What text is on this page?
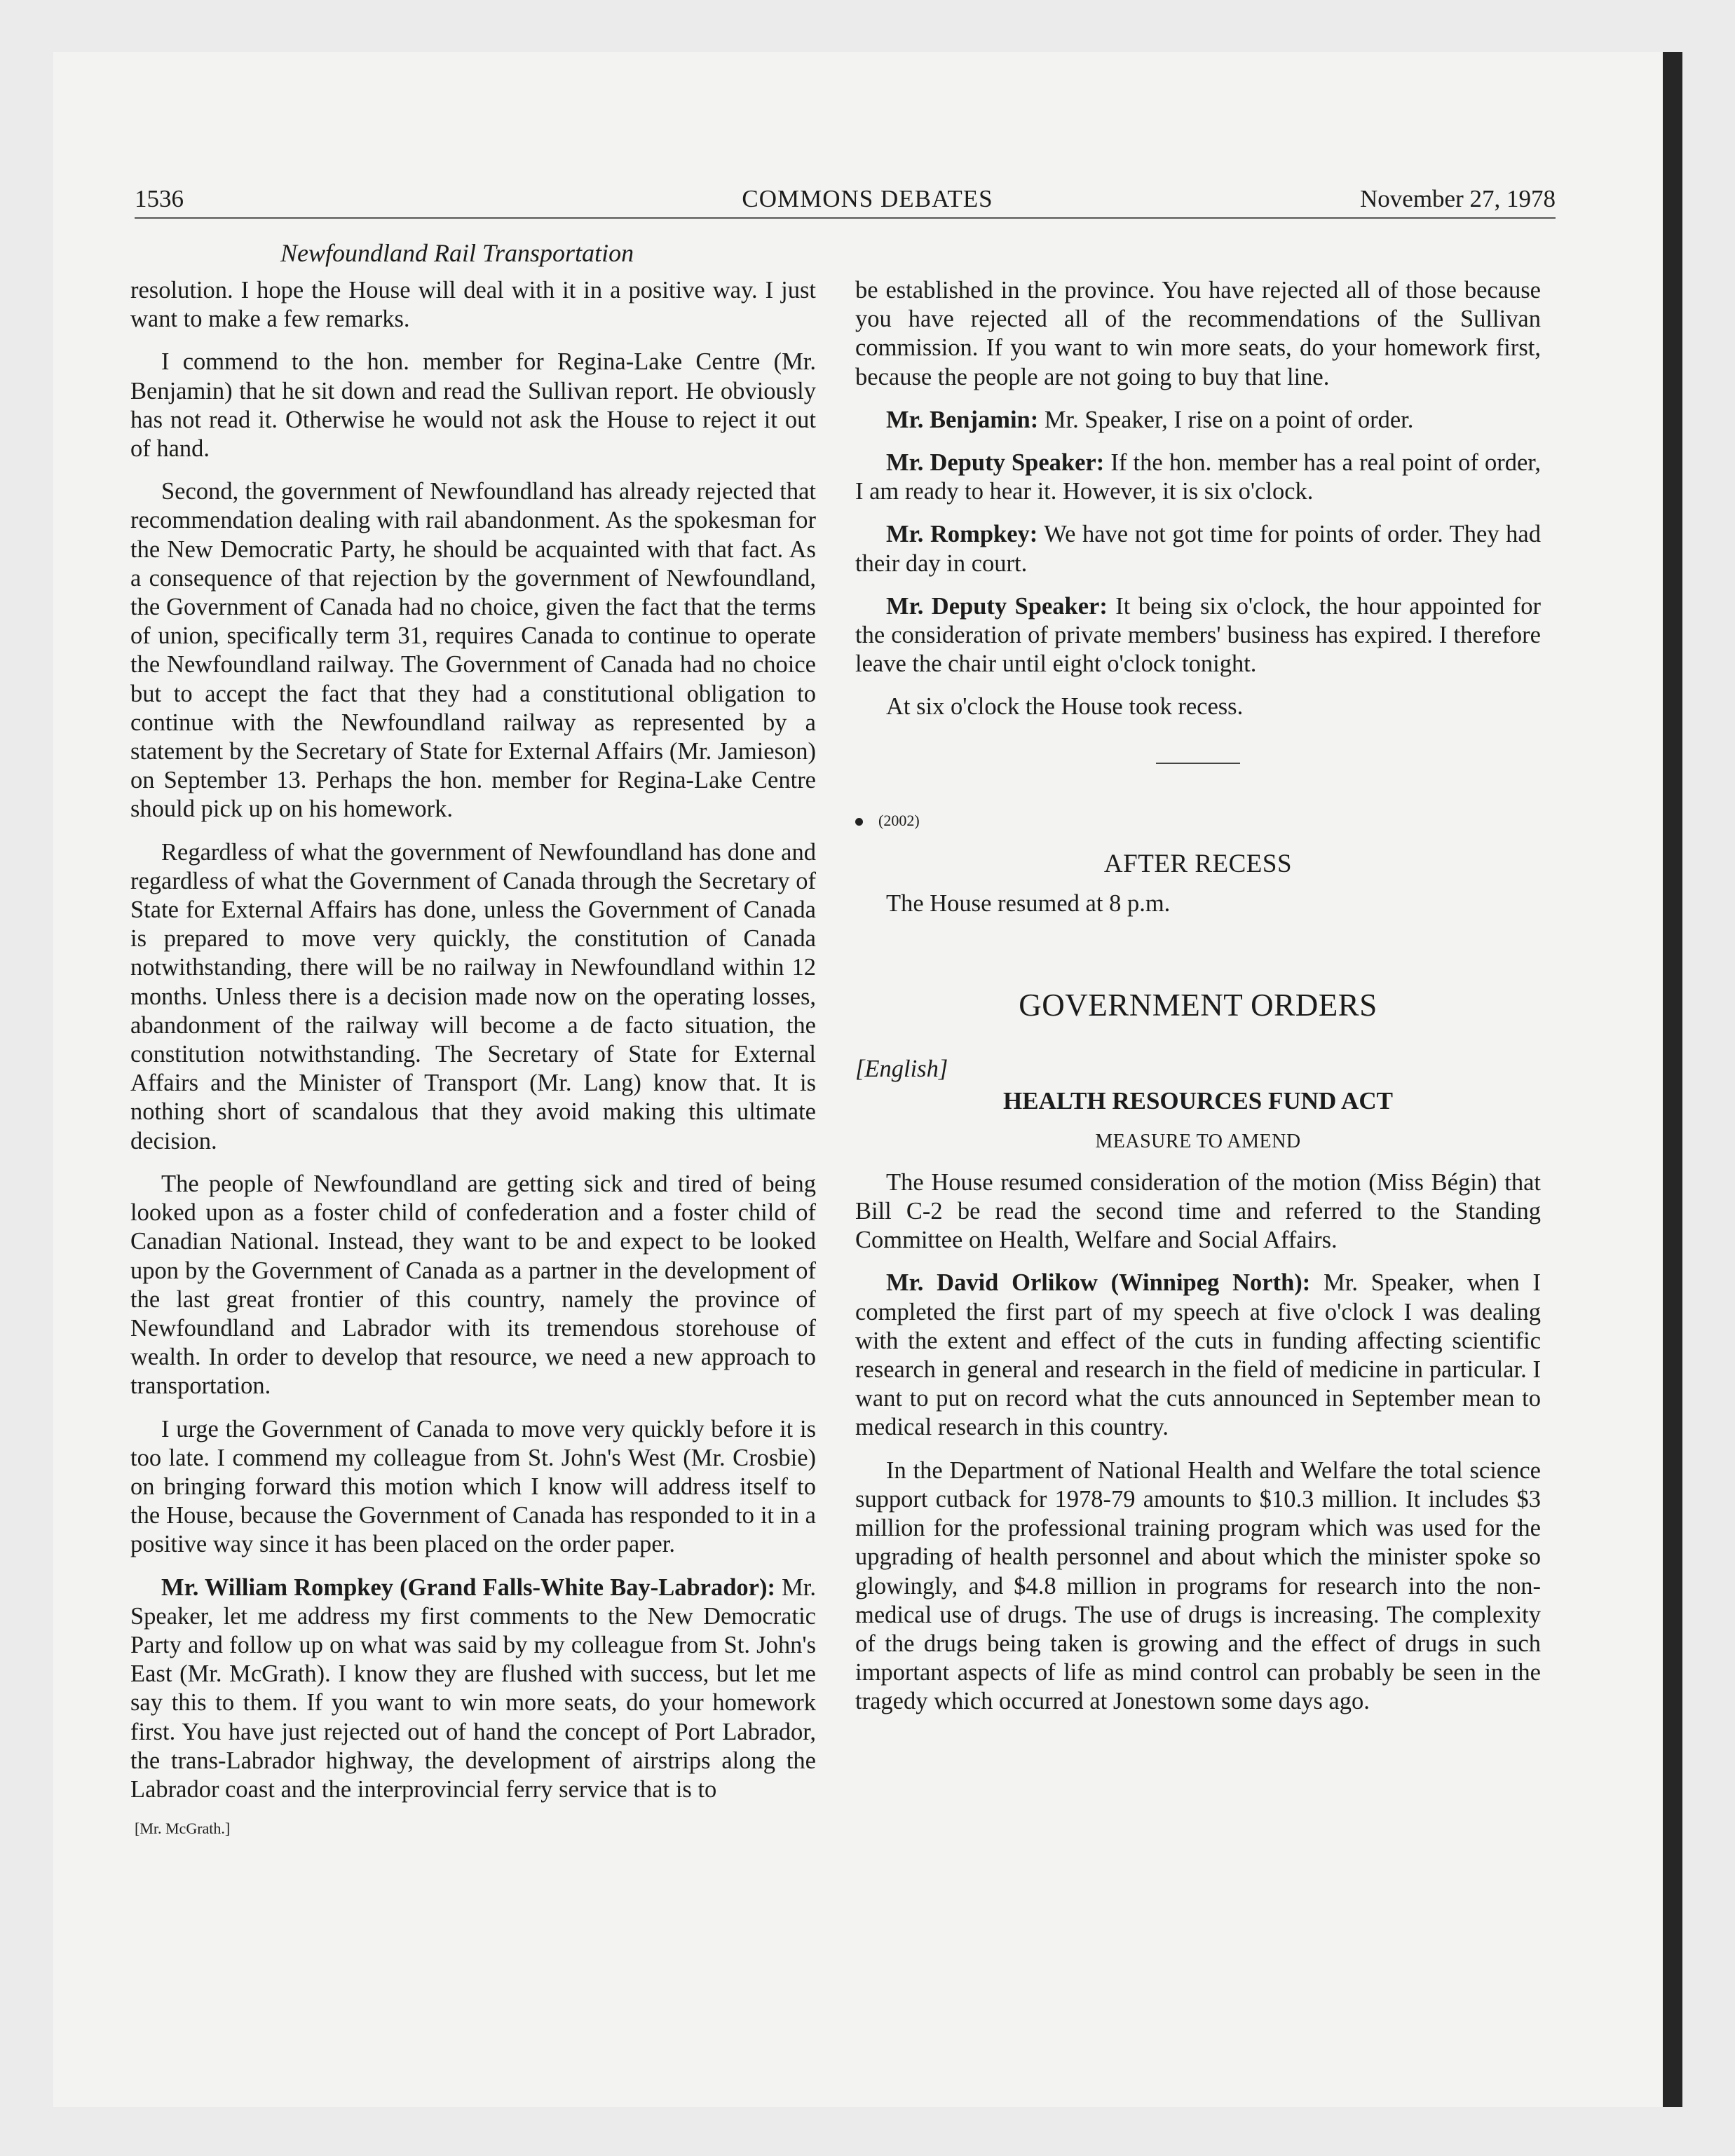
1536	COMMONS DEBATES	November 27, 1978
Newfoundland Rail Transportation

resolution. I hope the House will deal with it in a positive way. I just want to make a few remarks.

I commend to the hon. member for Regina-Lake Centre (Mr. Benjamin) that he sit down and read the Sullivan report. He obviously has not read it. Otherwise he would not ask the House to reject it out of hand.

Second, the government of Newfoundland has already rejected that recommendation dealing with rail abandonment. As the spokesman for the New Democratic Party, he should be acquainted with that fact. As a consequence of that rejection by the government of Newfoundland, the Government of Canada had no choice, given the fact that the terms of union, specifically term 31, requires Canada to continue to operate the Newfoundland railway. The Government of Canada had no choice but to accept the fact that they had a constitutional obligation to continue with the Newfoundland railway as represented by a statement by the Secretary of State for External Affairs (Mr. Jamieson) on September 13. Perhaps the hon. member for Regina-Lake Centre should pick up on his homework.

Regardless of what the government of Newfoundland has done and regardless of what the Government of Canada through the Secretary of State for External Affairs has done, unless the Government of Canada is prepared to move very quickly, the constitution of Canada notwithstanding, there will be no railway in Newfoundland within 12 months. Unless there is a decision made now on the operating losses, abandonment of the railway will become a de facto situation, the constitution notwithstanding. The Secretary of State for External Affairs and the Minister of Transport (Mr. Lang) know that. It is nothing short of scandalous that they avoid making this ultimate decision.

The people of Newfoundland are getting sick and tired of being looked upon as a foster child of confederation and a foster child of Canadian National. Instead, they want to be and expect to be looked upon by the Government of Canada as a partner in the development of the last great frontier of this country, namely the province of Newfoundland and Labrador with its tremendous storehouse of wealth. In order to develop that resource, we need a new approach to transportation.

I urge the Government of Canada to move very quickly before it is too late. I commend my colleague from St. John's West (Mr. Crosbie) on bringing forward this motion which I know will address itself to the House, because the Government of Canada has responded to it in a positive way since it has been placed on the order paper.

Mr. William Rompkey (Grand Falls-White Bay-Labrador): Mr. Speaker, let me address my first comments to the New Democratic Party and follow up on what was said by my colleague from St. John's East (Mr. McGrath). I know they are flushed with success, but let me say this to them. If you want to win more seats, do your homework first. You have just rejected out of hand the concept of Port Labrador, the trans-Labrador highway, the development of airstrips along the Labrador coast and the interprovincial ferry service that is to

[Mr. McGrath.]

be established in the province. You have rejected all of those because you have rejected all of the recommendations of the Sullivan commission. If you want to win more seats, do your homework first, because the people are not going to buy that line.

Mr. Benjamin: Mr. Speaker, I rise on a point of order.

Mr. Deputy Speaker: If the hon. member has a real point of order, I am ready to hear it. However, it is six o'clock.

Mr. Rompkey: We have not got time for points of order. They had their day in court.

Mr. Deputy Speaker: It being six o'clock, the hour appointed for the consideration of private members' business has expired. I therefore leave the chair until eight o'clock tonight.

At six o'clock the House took recess.

(2002)
AFTER RECESS

The House resumed at 8 p.m.

GOVERNMENT ORDERS
[English]
HEALTH RESOURCES FUND ACT
MEASURE TO AMEND

The House resumed consideration of the motion (Miss Bégin) that Bill C-2 be read the second time and referred to the Standing Committee on Health, Welfare and Social Affairs.

Mr. David Orlikow (Winnipeg North): Mr. Speaker, when I completed the first part of my speech at five o'clock I was dealing with the extent and effect of the cuts in funding affecting scientific research in general and research in the field of medicine in particular. I want to put on record what the cuts announced in September mean to medical research in this country.

In the Department of National Health and Welfare the total science support cutback for 1978-79 amounts to $10.3 million. It includes $3 million for the professional training program which was used for the upgrading of health personnel and about which the minister spoke so glowingly, and $4.8 million in programs for research into the non-medical use of drugs. The use of drugs is increasing. The complexity of the drugs being taken is growing and the effect of drugs in such important aspects of life as mind control can probably be seen in the tragedy which occurred at Jonestown some days ago.
